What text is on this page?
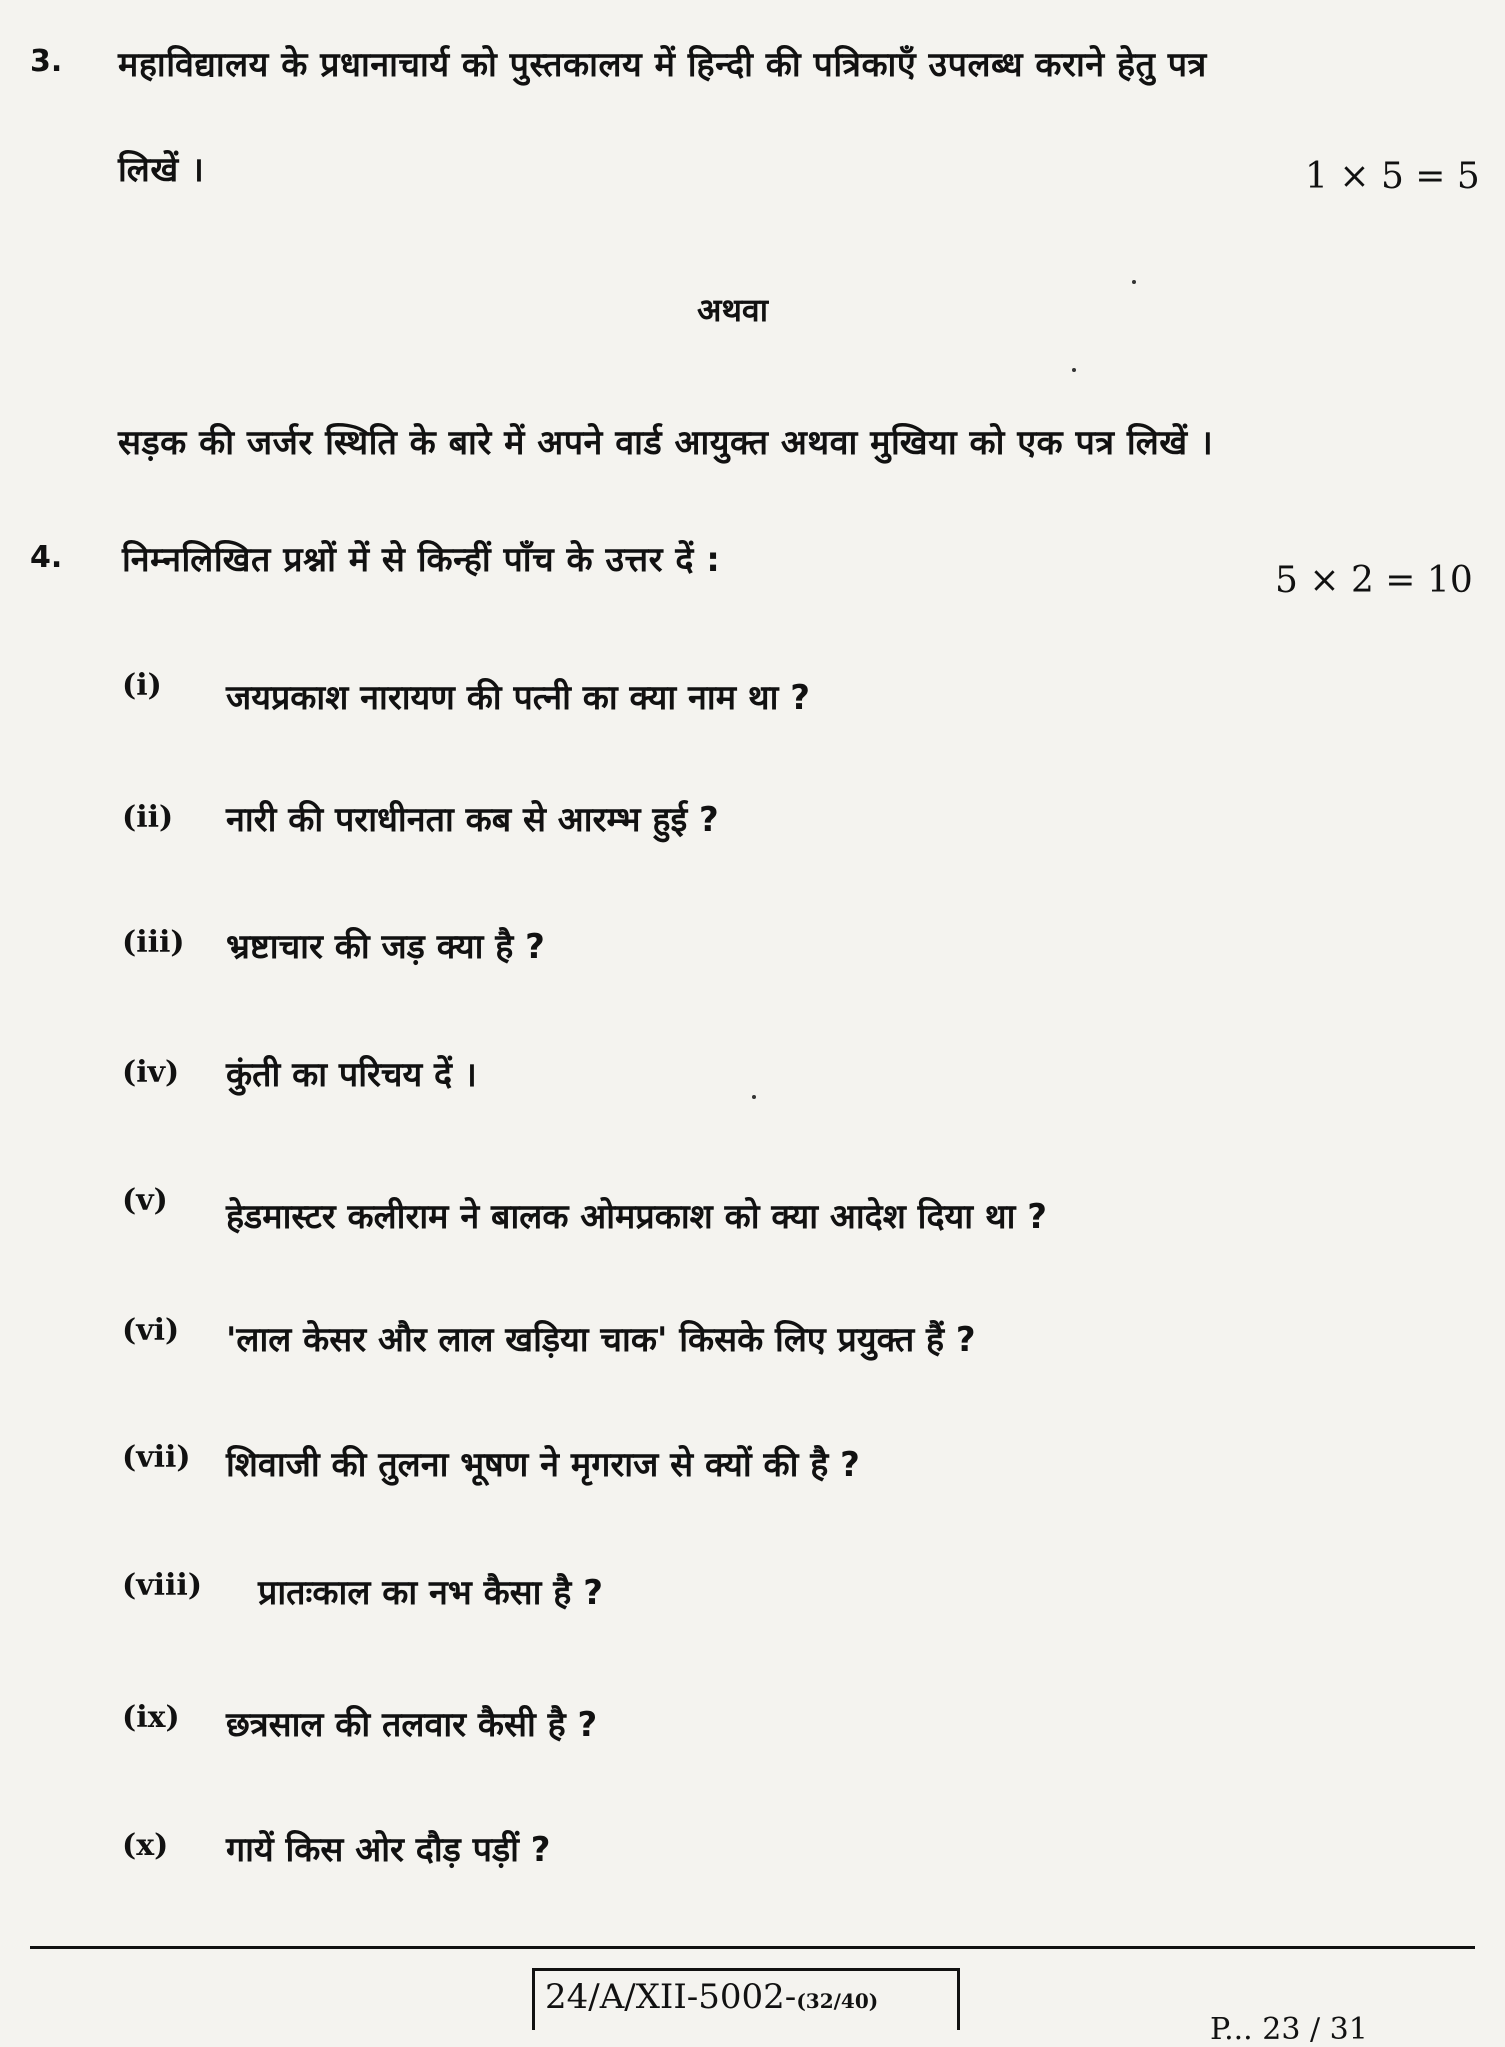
3. महाविद्यालय के प्रधानाचार्य को पुस्तकालय में हिन्दी की पत्रिकाएँ उपलब्ध कराने हेतु पत्र
लिखें ।	1 × 5 = 5
अथवा
सड़क की जर्जर स्थिति के बारे में अपने वार्ड आयुक्त अथवा मुखिया को एक पत्र लिखें ।
4. निम्नलिखित प्रश्नों में से किन्हीं पाँच के उत्तर दें :	5 × 2 = 10
(i) जयप्रकाश नारायण की पत्नी का क्या नाम था ?
(ii) नारी की पराधीनता कब से आरम्भ हुई ?
(iii) भ्रष्टाचार की जड़ क्या है ?
(iv) कुंती का परिचय दें ।
(v) हेडमास्टर कलीराम ने बालक ओमप्रकाश को क्या आदेश दिया था ?
(vi) 'लाल केसर और लाल खड़िया चाक' किसके लिए प्रयुक्त हैं ?
(vii) शिवाजी की तुलना भूषण ने मृगराज से क्यों की है ?
(viii) प्रातःकाल का नभ कैसा है ?
(ix) छत्रसाल की तलवार कैसी है ?
(x) गायें किस ओर दौड़ पड़ीं ?
24/A/XII-5002-(32/40)
P... 23 / 31
